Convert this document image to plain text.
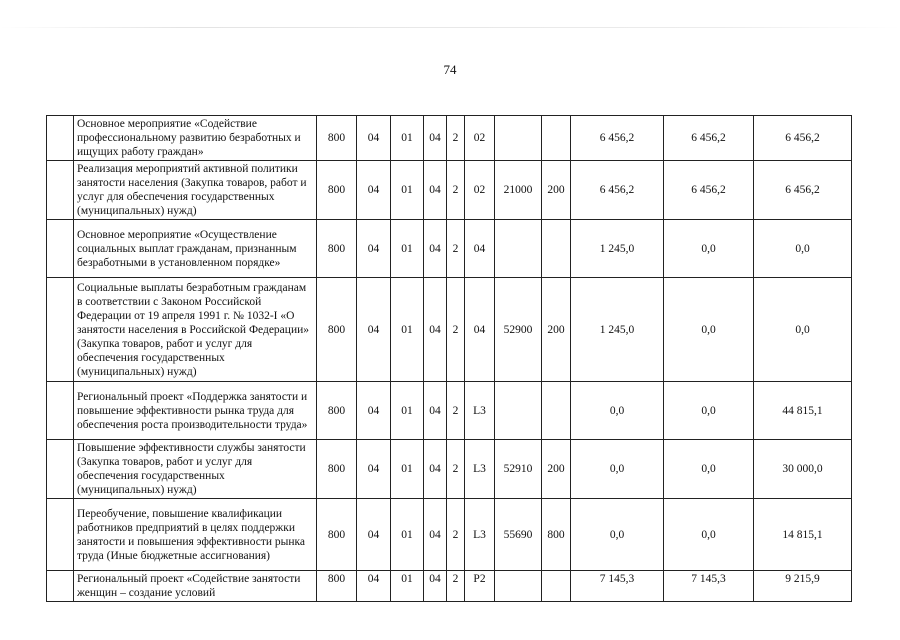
74
	Основное мероприятие «Содействие профессиональному развитию безработных и ищущих работу граждан»	800	04	01	04	2	02			6 456,2	6 456,2	6 456,2
	Реализация мероприятий активной политики занятости населения (Закупка товаров, работ и услуг для обеспечения государственных (муниципальных) нужд)	800	04	01	04	2	02	21000	200	6 456,2	6 456,2	6 456,2
	Основное мероприятие «Осуществление социальных выплат гражданам, признанным безработными в установленном порядке»	800	04	01	04	2	04			1 245,0	0,0	0,0
	Социальные выплаты безработным гражданам в соответствии с Законом Российской Федерации от 19 апреля 1991 г. № 1032-I «О занятости населения в Российской Федерации» (Закупка товаров, работ и услуг для обеспечения государственных (муниципальных) нужд)	800	04	01	04	2	04	52900	200	1 245,0	0,0	0,0
	Региональный проект «Поддержка занятости и повышение эффективности рынка труда для обеспечения роста производительности труда»	800	04	01	04	2	L3			0,0	0,0	44 815,1
	Повышение эффективности службы занятости (Закупка товаров, работ и услуг для обеспечения государственных (муниципальных) нужд)	800	04	01	04	2	L3	52910	200	0,0	0,0	30 000,0
	Переобучение, повышение квалификации работников предприятий в целях поддержки занятости и повышения эффективности рынка труда (Иные бюджетные ассигнования)	800	04	01	04	2	L3	55690	800	0,0	0,0	14 815,1
	Региональный проект «Содействие занятости женщин – создание условий	800	04	01	04	2	P2			7 145,3	7 145,3	9 215,9
